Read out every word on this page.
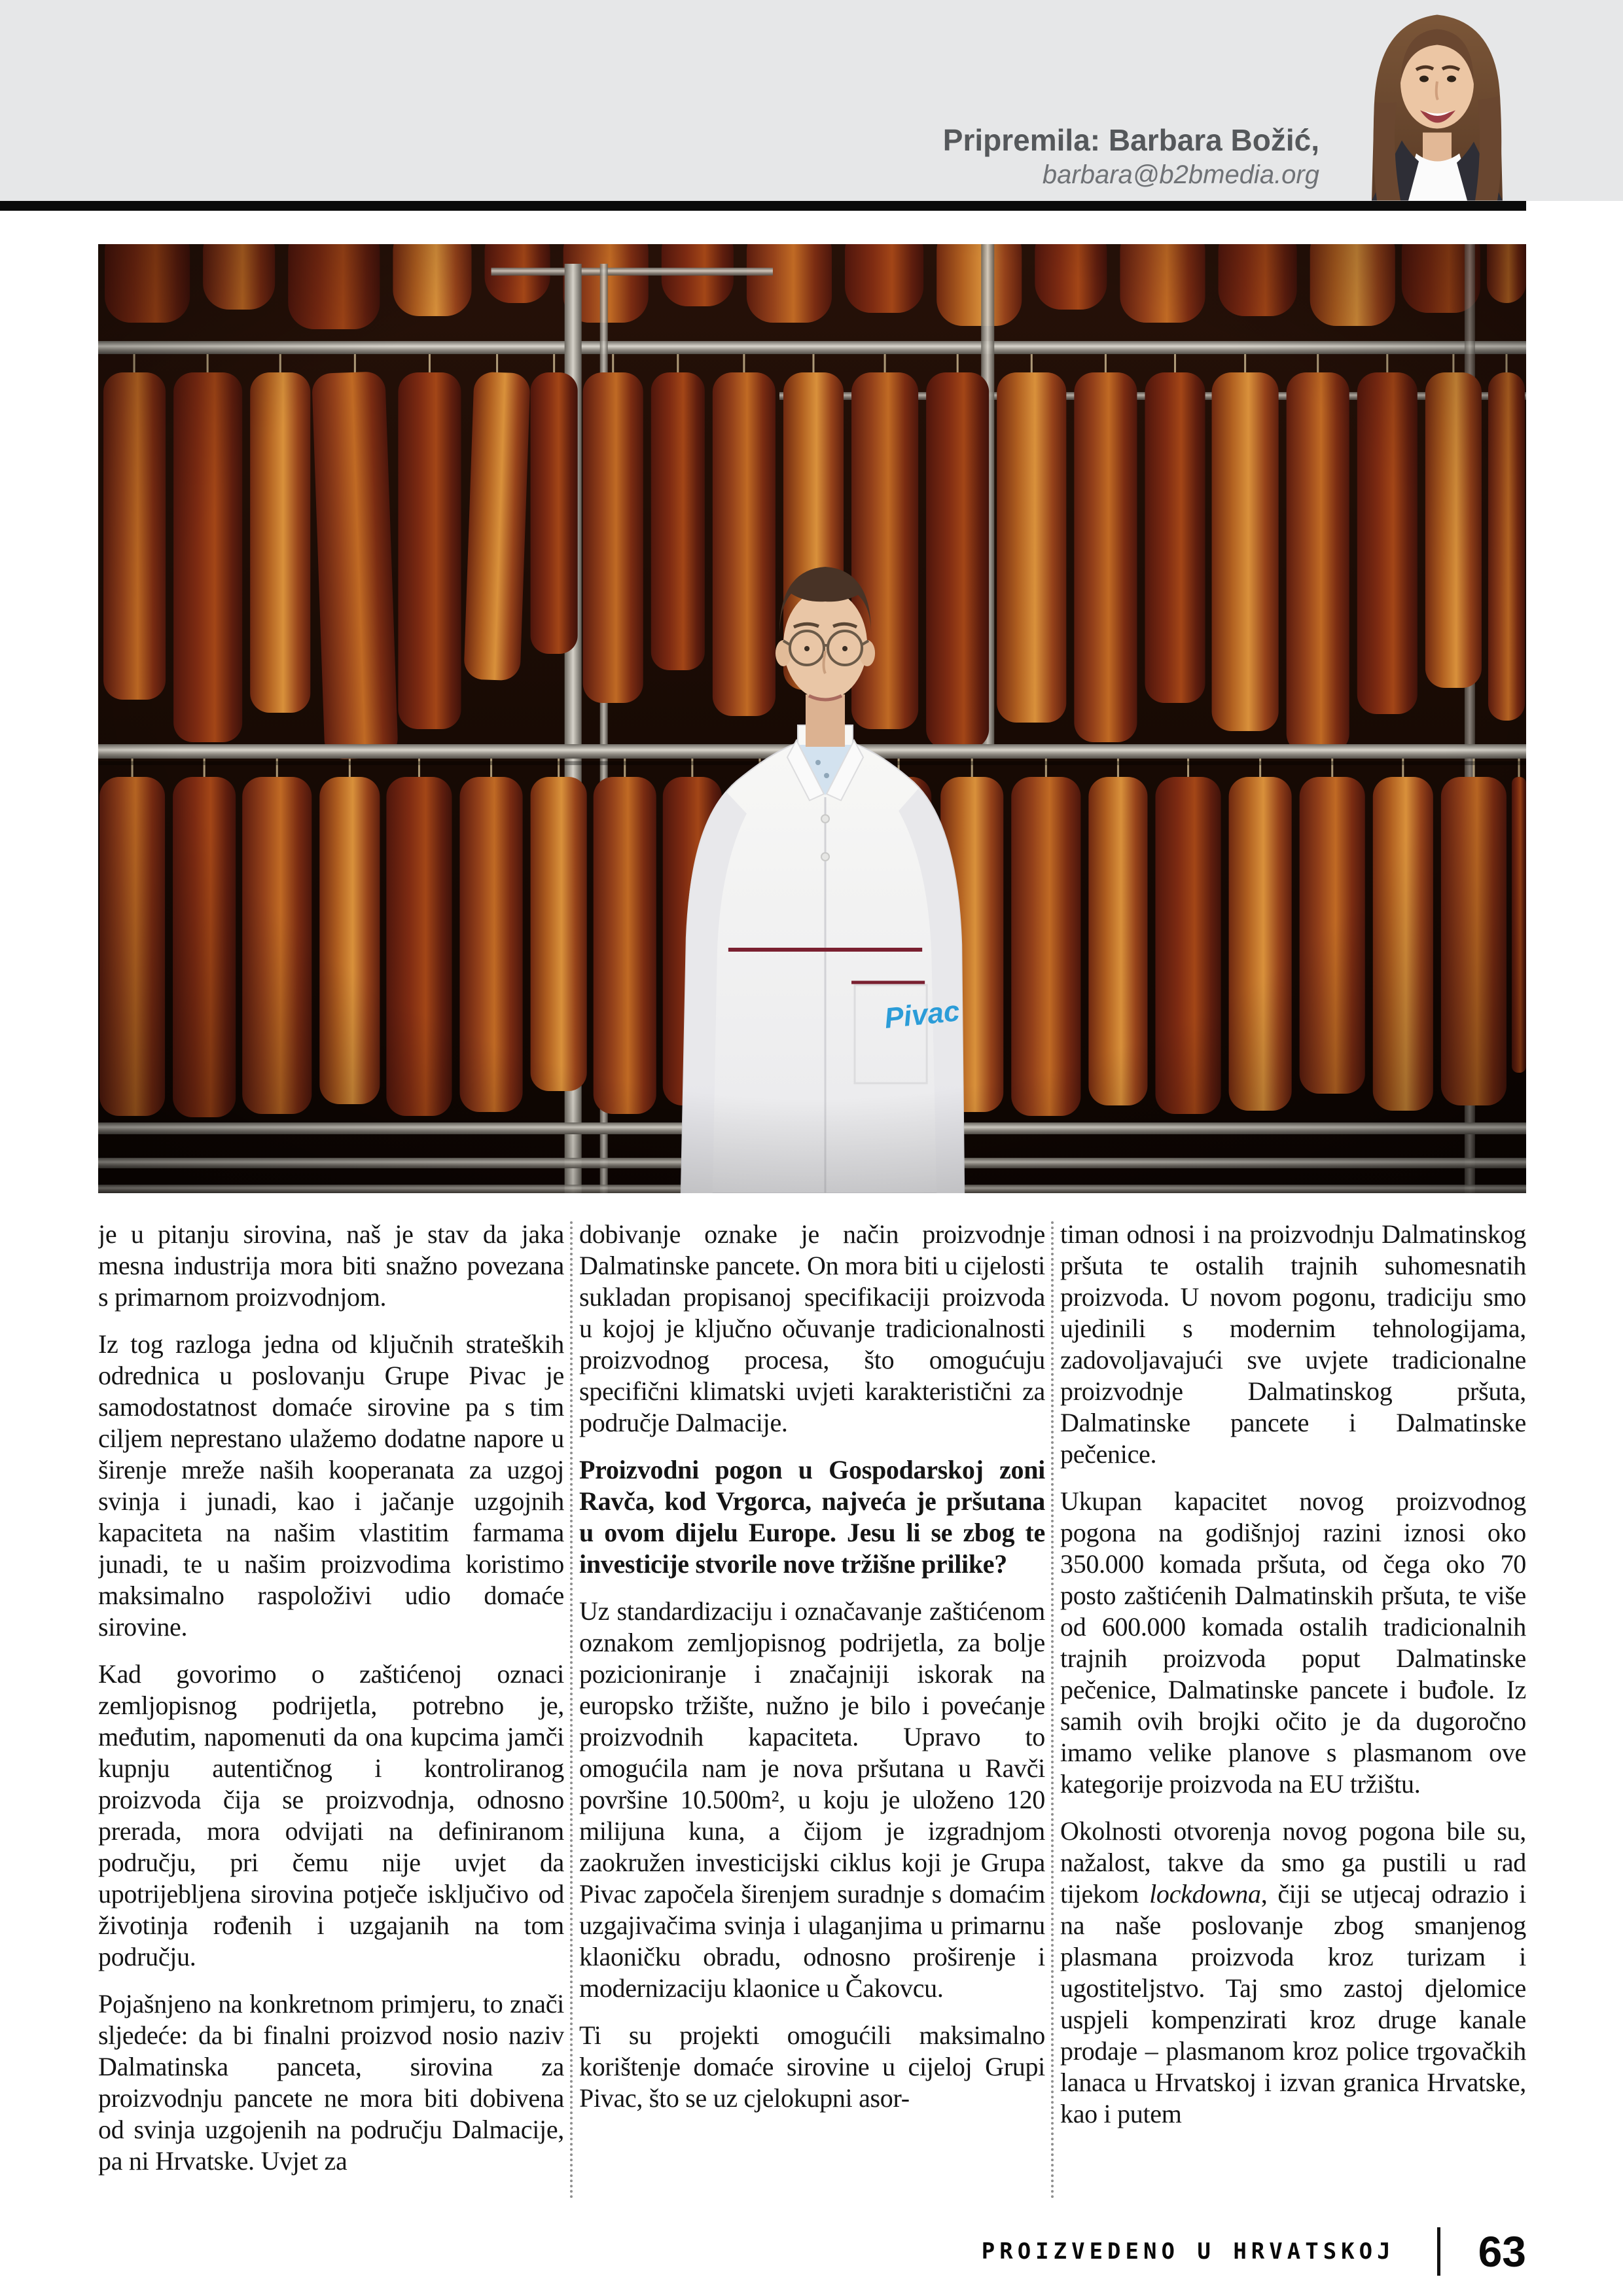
Pripremila: Barbara Božić,
barbara@b2bmedia.org

je u pitanju sirovina, naš je stav da jaka mesna industrija mora biti snažno povezana s primarnom proizvodnjom.

Iz tog razloga jedna od ključnih strateških odrednica u poslovanju Grupe Pivac je samodostatnost domaće sirovine pa s tim ciljem neprestano ulažemo dodatne napore u širenje mreže naših kooperanata za uzgoj svinja i junadi, kao i jačanje uzgojnih kapaciteta na našim vlastitim farmama junadi, te u našim proizvodima koristimo maksimalno raspoloživi udio domaće sirovine.

Kad govorimo o zaštićenoj oznaci zemljopisnog podrijetla, potrebno je, međutim, napomenuti da ona kupcima jamči kupnju autentičnog i kontroliranog proizvoda čija se proizvodnja, odnosno prerada, mora odvijati na definiranom području, pri čemu nije uvjet da upotrijebljena sirovina potječe isključivo od životinja rođenih i uzgajanih na tom području.

Pojašnjeno na konkretnom primjeru, to znači sljedeće: da bi finalni proizvod nosio naziv Dalmatinska panceta, sirovina za proizvodnju pancete ne mora biti dobivena od svinja uzgojenih na području Dalmacije, pa ni Hrvatske. Uvjet za

dobivanje oznake je način proizvodnje Dalmatinske pancete. On mora biti u cijelosti sukladan propisanoj specifikaciji proizvoda u kojoj je ključno očuvanje tradicionalnosti proizvodnog procesa, što omogućuju specifični klimatski uvjeti karakteristični za područje Dalmacije.

Proizvodni pogon u Gospodarskoj zoni Ravča, kod Vrgorca, najveća je pršutana u ovom dijelu Europe. Jesu li se zbog te investicije stvorile nove tržišne prilike?

Uz standardizaciju i označavanje zaštićenom oznakom zemljopisnog podrijetla, za bolje pozicioniranje i značajniji iskorak na europsko tržište, nužno je bilo i povećanje proizvodnih kapaciteta. Upravo to omogućila nam je nova pršutana u Ravči površine 10.500m², u koju je uloženo 120 milijuna kuna, a čijom je izgradnjom zaokružen investicijski ciklus koji je Grupa Pivac započela širenjem suradnje s domaćim uzgajivačima svinja i ulaganjima u primarnu klaoničku obradu, odnosno proširenje i modernizaciju klaonice u Čakovcu.

Ti su projekti omogućili maksimalno korištenje domaće sirovine u cijeloj Grupi Pivac, što se uz cjelokupni asor-

timan odnosi i na proizvodnju Dalmatinskog pršuta te ostalih trajnih suhomesnatih proizvoda. U novom pogonu, tradiciju smo ujedinili s modernim tehnologijama, zadovoljavajući sve uvjete tradicionalne proizvodnje Dalmatinskog pršuta, Dalmatinske pancete i Dalmatinske pečenice.

Ukupan kapacitet novog proizvodnog pogona na godišnjoj razini iznosi oko 350.000 komada pršuta, od čega oko 70 posto zaštićenih Dalmatinskih pršuta, te više od 600.000 komada ostalih tradicionalnih trajnih proizvoda poput Dalmatinske pečenice, Dalmatinske pancete i buđole. Iz samih ovih brojki očito je da dugoročno imamo velike planove s plasmanom ove kategorije proizvoda na EU tržištu.

Okolnosti otvorenja novog pogona bile su, nažalost, takve da smo ga pustili u rad tijekom lockdowna, čiji se utjecaj odrazio i na naše poslovanje zbog smanjenog plasmana proizvoda kroz turizam i ugostiteljstvo. Taj smo zastoj djelomice uspjeli kompenzirati kroz druge kanale prodaje – plasmanom kroz police trgovačkih lanaca u Hrvatskoj i izvan granica Hrvatske, kao i putem

PROIZVEDENO U HRVATSKOJ 63
